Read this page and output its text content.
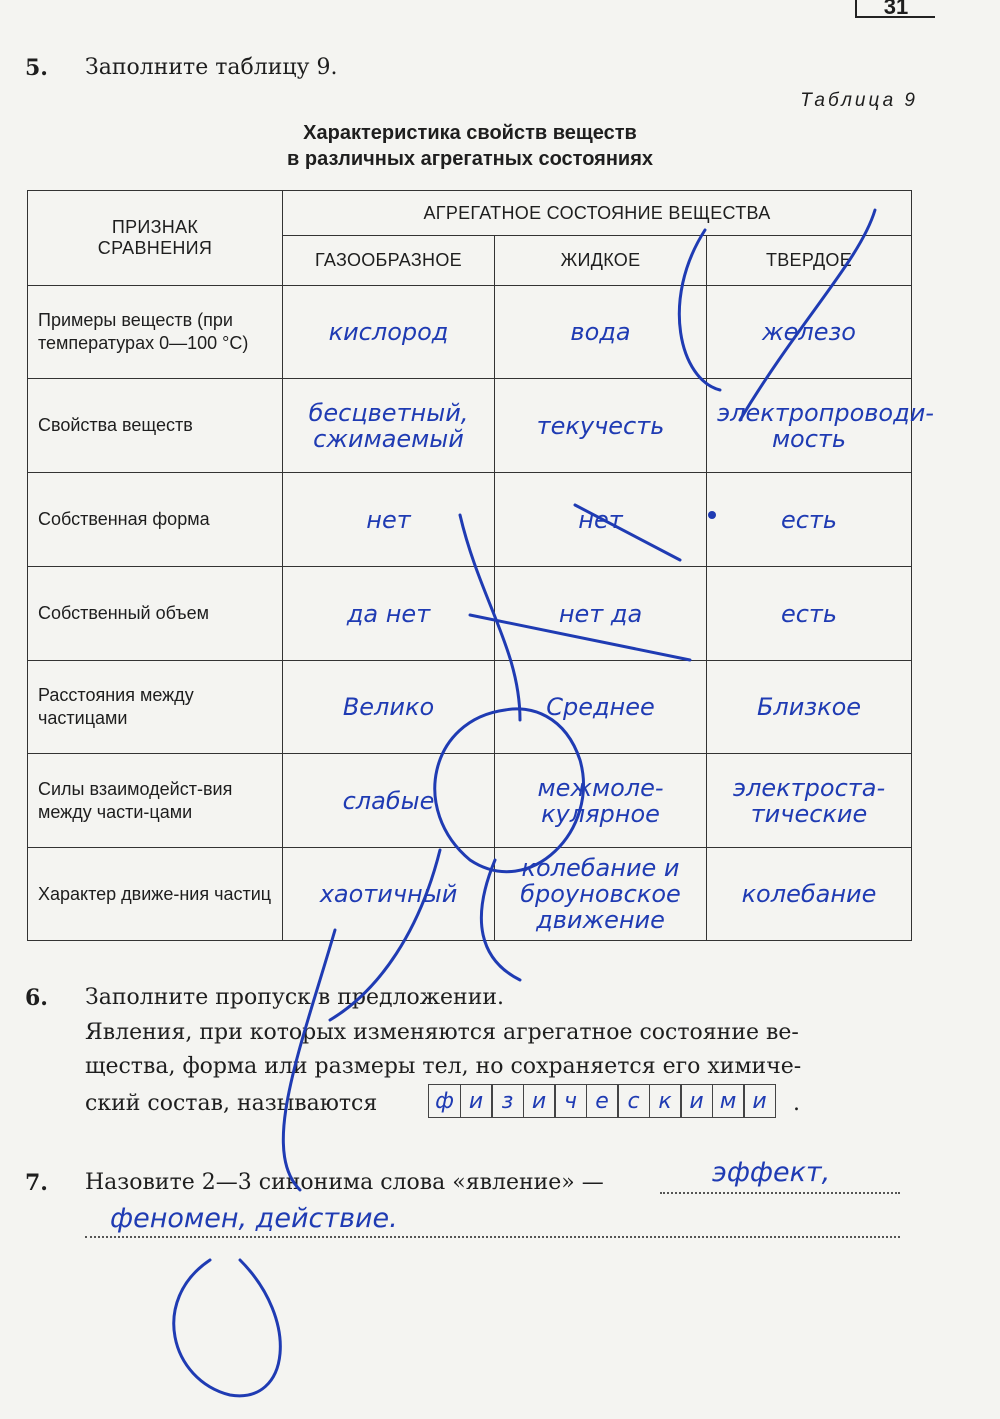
31
5. Заполните таблицу 9.
Таблица 9
Характеристика свойств веществ
в различных агрегатных состояниях
ПРИЗНАК СРАВНЕНИЯ	АГРЕГАТНОЕ СОСТОЯНИЕ ВЕЩЕСТВА		
	ГАЗООБРАЗНОЕ	ЖИДКОЕ	ТВЕРДОЕ
Примеры веществ (при температурах 0—100 °С)	кислород	вода	железо
Свойства веществ	бесцветный, сжимаемый	текучесть	электропроводи-мость
Собственная форма	нет	нет	есть
Собственный объем	да нет	нет да	есть
Расстояния между частицами	Велико	Среднее	Близкое
Силы взаимодейст-вия между части-цами	слабые	межмоле-кулярное	электроста-тические
Характер движе-ния частиц	хаотичный	колебание и броуновское движение	колебание
6. Заполните пропуск в предложении.
Явления, при которых изменяются агрегатное состояние ве-
щества, форма или размеры тел, но сохраняется его химиче-
ский состав, называются	ф и з и ч е с к и м и	.
7. Назовите 2—3 синонима слова «явление» —	эффект,
феномен, действие.
